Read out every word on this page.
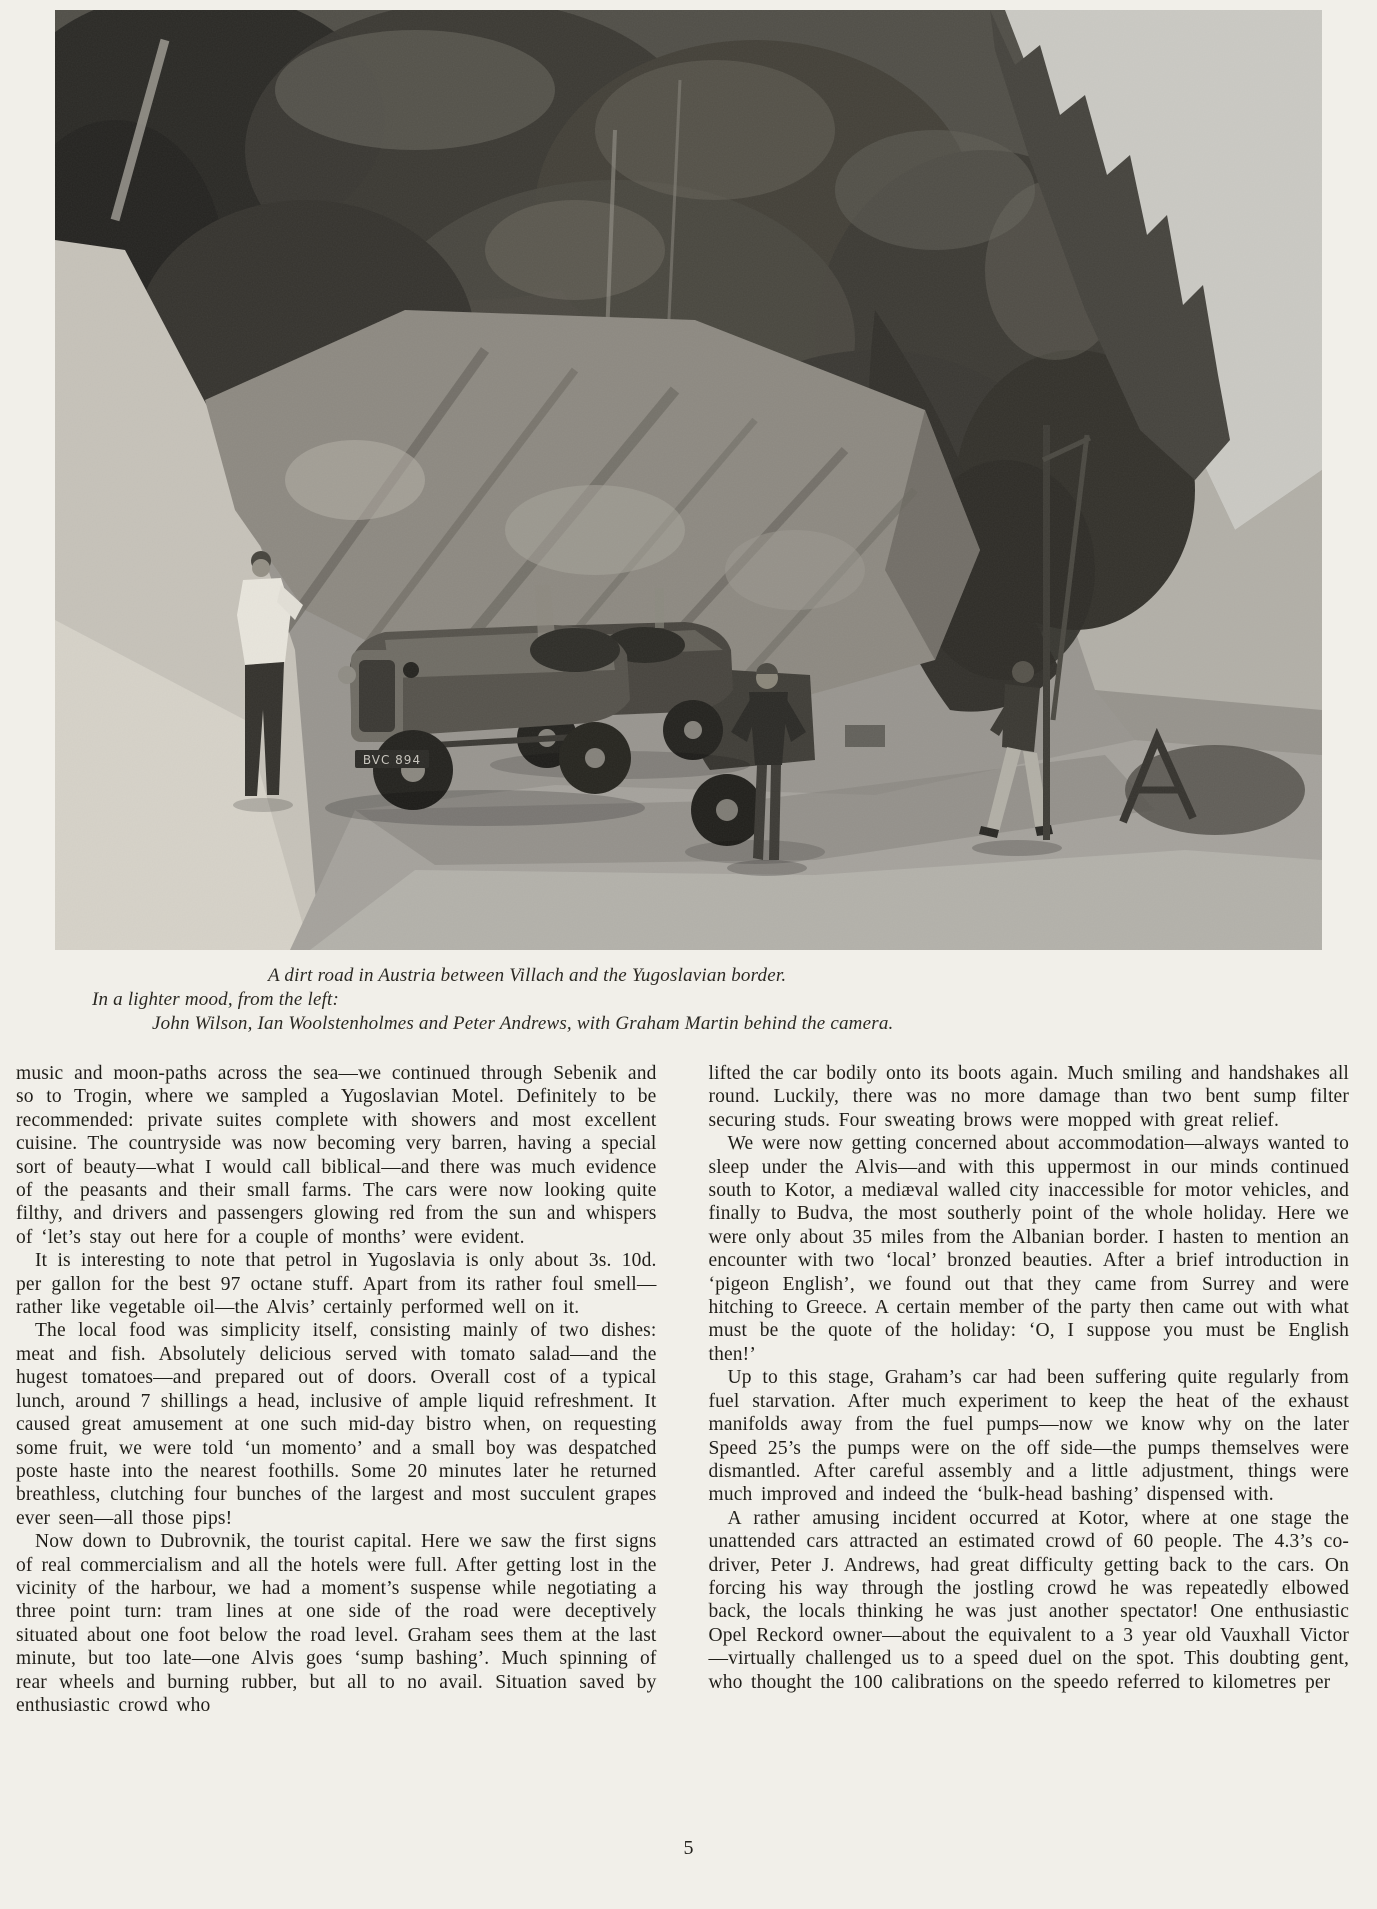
BVC 894
A dirt road in Austria between Villach and the Yugoslavian border.
In a lighter mood, from the left:
John Wilson, Ian Woolstenholmes and Peter Andrews, with Graham Martin behind the camera.

music and moon-paths across the sea—we continued through Sebenik and so to Trogin, where we sampled a Yugoslavian Motel. Definitely to be recommended: private suites complete with showers and most excellent cuisine. The countryside was now becoming very barren, having a special sort of beauty—what I would call biblical—and there was much evidence of the peasants and their small farms. The cars were now looking quite filthy, and drivers and passengers glowing red from the sun and whispers of ‘let’s stay out here for a couple of months’ were evident.

It is interesting to note that petrol in Yugoslavia is only about 3s. 10d. per gallon for the best 97 octane stuff. Apart from its rather foul smell—rather like vegetable oil—the Alvis’ certainly performed well on it.

The local food was simplicity itself, consisting mainly of two dishes: meat and fish. Absolutely delicious served with tomato salad—and the hugest tomatoes—and prepared out of doors. Overall cost of a typical lunch, around 7 shillings a head, inclusive of ample liquid refreshment. It caused great amusement at one such mid-day bistro when, on requesting some fruit, we were told ‘un momento’ and a small boy was despatched poste haste into the nearest foothills. Some 20 minutes later he returned breathless, clutching four bunches of the largest and most succulent grapes ever seen—all those pips!

Now down to Dubrovnik, the tourist capital. Here we saw the first signs of real commercialism and all the hotels were full. After getting lost in the vicinity of the harbour, we had a moment’s suspense while negotiating a three point turn: tram lines at one side of the road were deceptively situated about one foot below the road level. Graham sees them at the last minute, but too late—one Alvis goes ‘sump bashing’. Much spinning of rear wheels and burning rubber, but all to no avail. Situation saved by enthusiastic crowd who

lifted the car bodily onto its boots again. Much smiling and handshakes all round. Luckily, there was no more damage than two bent sump filter securing studs. Four sweating brows were mopped with great relief.

We were now getting concerned about accommodation—always wanted to sleep under the Alvis—and with this uppermost in our minds continued south to Kotor, a mediæval walled city inaccessible for motor vehicles, and finally to Budva, the most southerly point of the whole holiday. Here we were only about 35 miles from the Albanian border. I hasten to mention an encounter with two ‘local’ bronzed beauties. After a brief introduction in ‘pigeon English’, we found out that they came from Surrey and were hitching to Greece. A certain member of the party then came out with what must be the quote of the holiday: ‘O, I suppose you must be English then!’

Up to this stage, Graham’s car had been suffering quite regularly from fuel starvation. After much experiment to keep the heat of the exhaust manifolds away from the fuel pumps—now we know why on the later Speed 25’s the pumps were on the off side—the pumps themselves were dismantled. After careful assembly and a little adjustment, things were much improved and indeed the ‘bulk-head bashing’ dispensed with.

A rather amusing incident occurred at Kotor, where at one stage the unattended cars attracted an estimated crowd of 60 people. The 4.3’s co-driver, Peter J. Andrews, had great difficulty getting back to the cars. On forcing his way through the jostling crowd he was repeatedly elbowed back, the locals thinking he was just another spectator! One enthusiastic Opel Reckord owner—about the equivalent to a 3 year old Vauxhall Victor—virtually challenged us to a speed duel on the spot. This doubting gent, who thought the 100 calibrations on the speedo referred to kilometres per

5
